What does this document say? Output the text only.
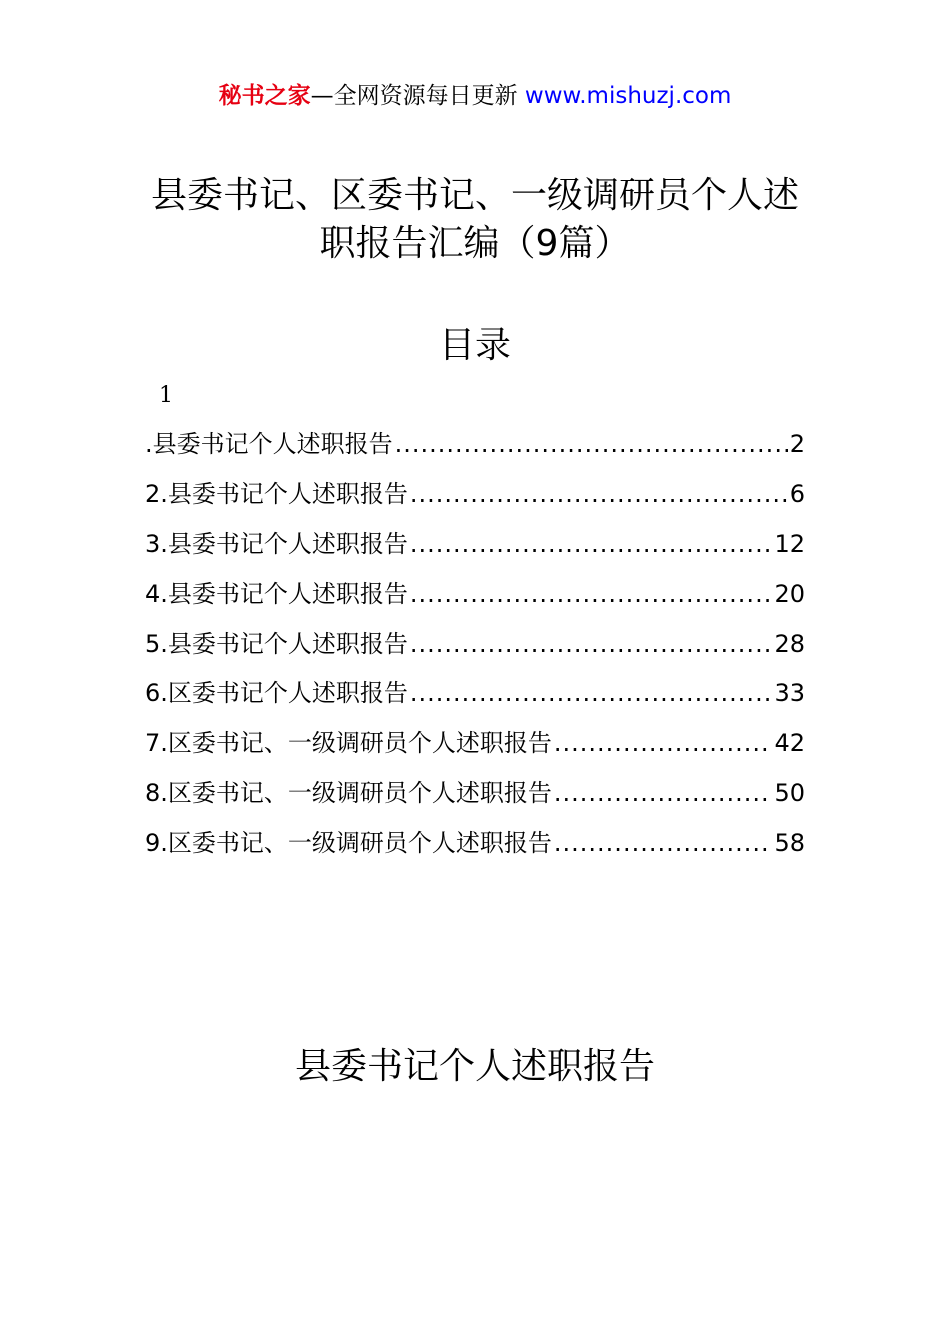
秘书之家—全网资源每日更新 www.mishuzj.com
县委书记、区委书记、一级调研员个人述
职报告汇编（9篇）
目录
1
.县委书记个人述职报告 .....	2
2.县委书记个人述职报告 .....	6
3.县委书记个人述职报告 .....	12
4.县委书记个人述职报告 .....	20
5.县委书记个人述职报告 .....	28
6.区委书记个人述职报告 .....	33
7.区委书记、一级调研员个人述职报告 .....	42
8.区委书记、一级调研员个人述职报告 .....	50
9.区委书记、一级调研员个人述职报告 .....	58
县委书记个人述职报告
